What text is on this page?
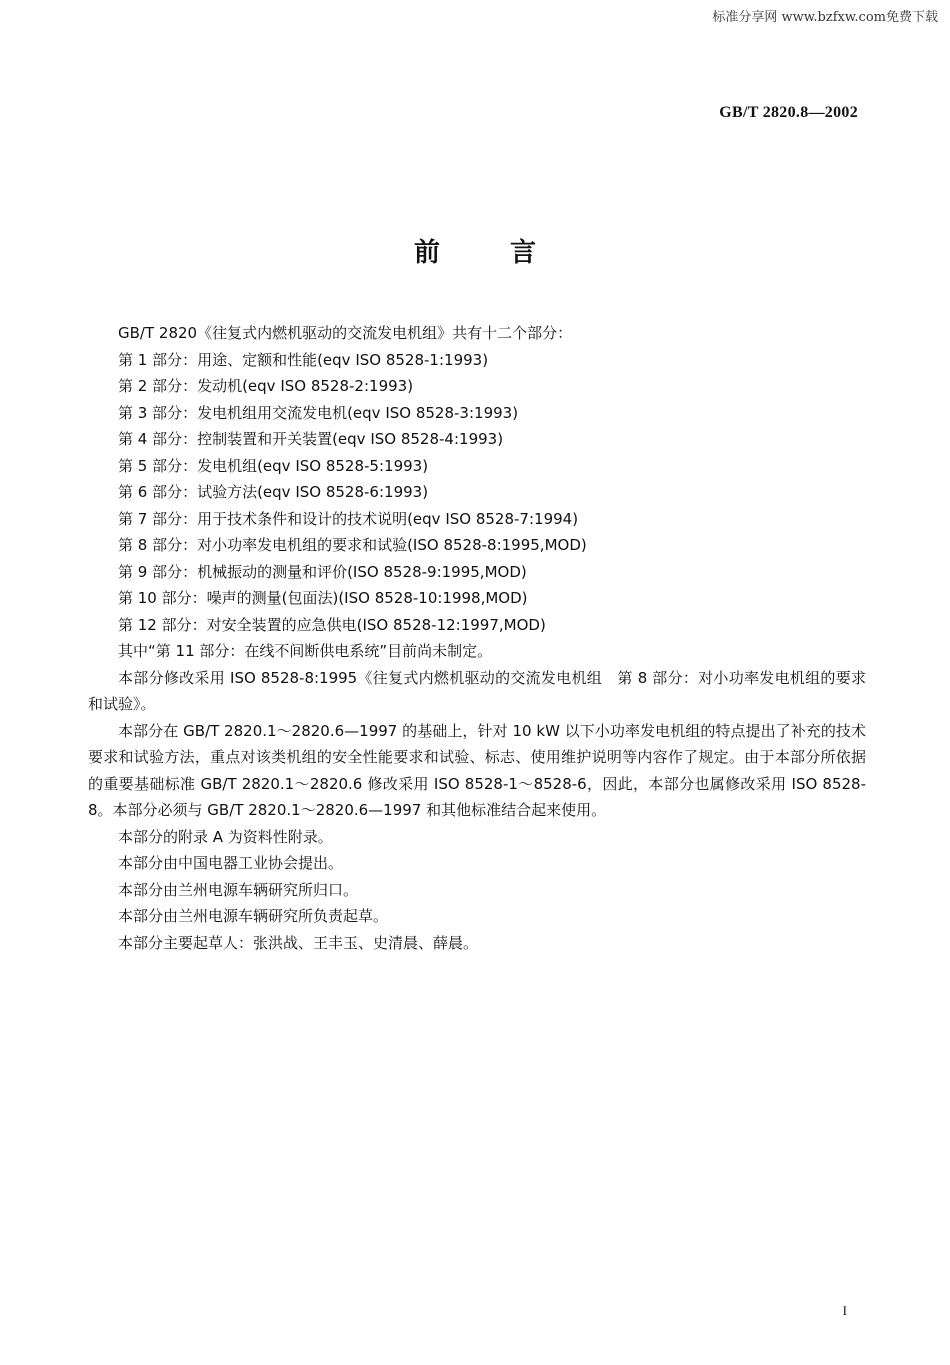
标准分享网 www.bzfxw.com免费下载
GB/T 2820.8—2002
前言

GB/T 2820《往复式内燃机驱动的交流发电机组》共有十二个部分：

第 1 部分：用途、定额和性能(eqv ISO 8528-1:1993)

第 2 部分：发动机(eqv ISO 8528-2:1993)

第 3 部分：发电机组用交流发电机(eqv ISO 8528-3:1993)

第 4 部分：控制装置和开关装置(eqv ISO 8528-4:1993)

第 5 部分：发电机组(eqv ISO 8528-5:1993)

第 6 部分：试验方法(eqv ISO 8528-6:1993)

第 7 部分：用于技术条件和设计的技术说明(eqv ISO 8528-7:1994)

第 8 部分：对小功率发电机组的要求和试验(ISO 8528-8:1995,MOD)

第 9 部分：机械振动的测量和评价(ISO 8528-9:1995,MOD)

第 10 部分：噪声的测量(包面法)(ISO 8528-10:1998,MOD)

第 12 部分：对安全装置的应急供电(ISO 8528-12:1997,MOD)

其中“第 11 部分：在线不间断供电系统”目前尚未制定。

本部分修改采用 ISO 8528-8:1995《往复式内燃机驱动的交流发电机组　第 8 部分：对小功率发电机组的要求和试验》。

本部分在 GB/T 2820.1～2820.6—1997 的基础上，针对 10 kW 以下小功率发电机组的特点提出了补充的技术要求和试验方法，重点对该类机组的安全性能要求和试验、标志、使用维护说明等内容作了规定。由于本部分所依据的重要基础标准 GB/T 2820.1～2820.6 修改采用 ISO 8528-1～8528-6，因此，本部分也属修改采用 ISO 8528-8。本部分必须与 GB/T 2820.1～2820.6—1997 和其他标准结合起来使用。

本部分的附录 A 为资料性附录。

本部分由中国电器工业协会提出。

本部分由兰州电源车辆研究所归口。

本部分由兰州电源车辆研究所负责起草。

本部分主要起草人：张洪战、王丰玉、史清晨、薛晨。

I
